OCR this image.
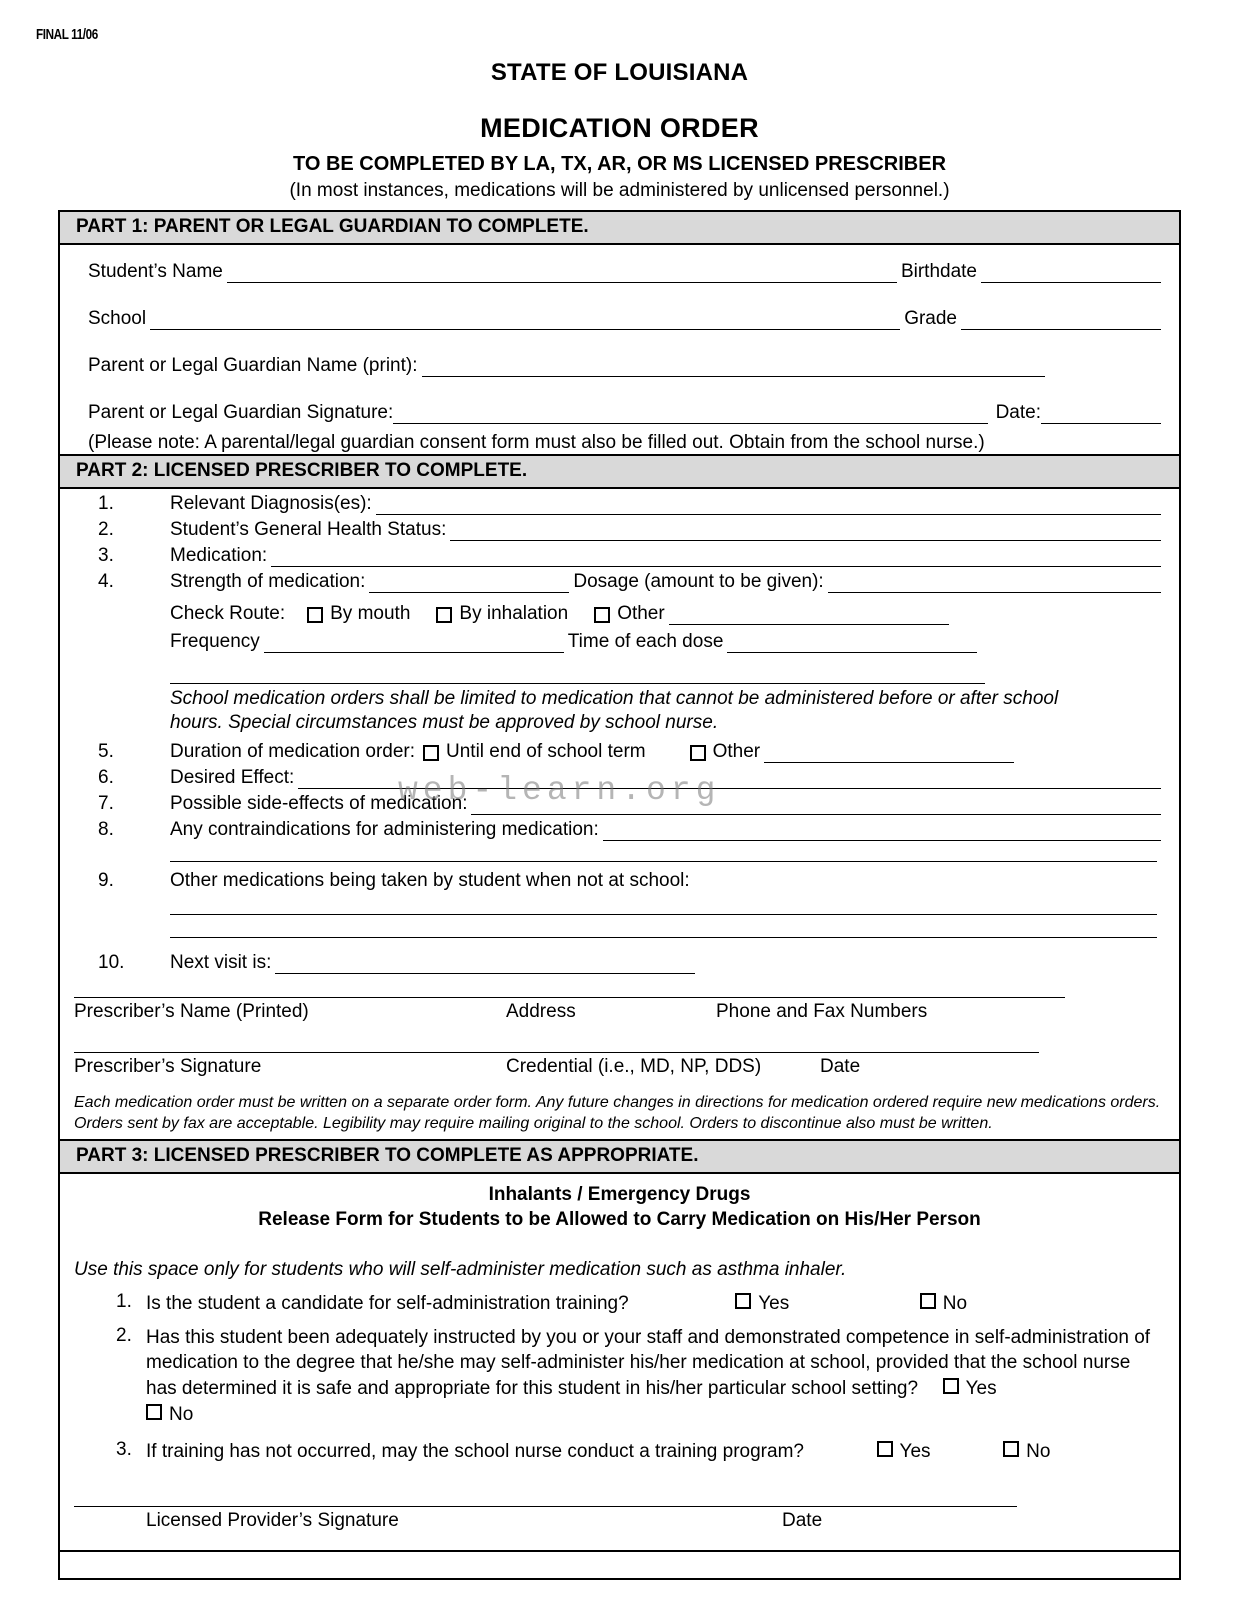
FINAL 11/06
STATE OF LOUISIANA
MEDICATION ORDER
TO BE COMPLETED BY LA, TX, AR, OR MS LICENSED PRESCRIBER
(In most instances, medications will be administered by unlicensed personnel.)
PART 1: PARENT OR LEGAL GUARDIAN TO COMPLETE.
Student’s Name	Birthdate
School	Grade
Parent or Legal Guardian Name (print):
Parent or Legal Guardian Signature:	Date:
(Please note: A parental/legal guardian consent form must also be filled out. Obtain from the school nurse.)
PART 2: LICENSED PRESCRIBER TO COMPLETE.
1.	Relevant Diagnosis(es):
2.	Student’s General Health Status:
3.	Medication:
4.	Strength of medication:	Dosage (amount to be given):
Check Route: By mouth	By inhalation	Other
Frequency	Time of each dose
School medication orders shall be limited to medication that cannot be administered before or after school hours. Special circumstances must be approved by school nurse.
5.	Duration of medication order: Until end of school term	Other
6.	Desired Effect:
7.	Possible side-effects of medication:
8.	Any contraindications for administering medication:
9.	Other medications being taken by student when not at school:
10.	Next visit is:
Prescriber’s Name (Printed)	Address	Phone and Fax Numbers
Prescriber’s Signature	Credential (i.e., MD, NP, DDS)	Date
Each medication order must be written on a separate order form. Any future changes in directions for medication ordered require new medications orders. Orders sent by fax are acceptable. Legibility may require mailing original to the school. Orders to discontinue also must be written.
PART 3: LICENSED PRESCRIBER TO COMPLETE AS APPROPRIATE.
Inhalants / Emergency Drugs
Release Form for Students to be Allowed to Carry Medication on His/Her Person
Use this space only for students who will self-administer medication such as asthma inhaler.
1. Is the student a candidate for self-administration training?	Yes
	No
2. Has this student been adequately instructed by you or your staff and demonstrated competence in self-administration of medication to the degree that he/she may self-administer his/her medication at school, provided that the school nurse has determined it is safe and appropriate for this student in his/her particular school setting?	Yes

No
3. If training has not occurred, may the school nurse conduct a training program?	Yes
	No
Licensed Provider’s Signature	Date
web-learn.org
